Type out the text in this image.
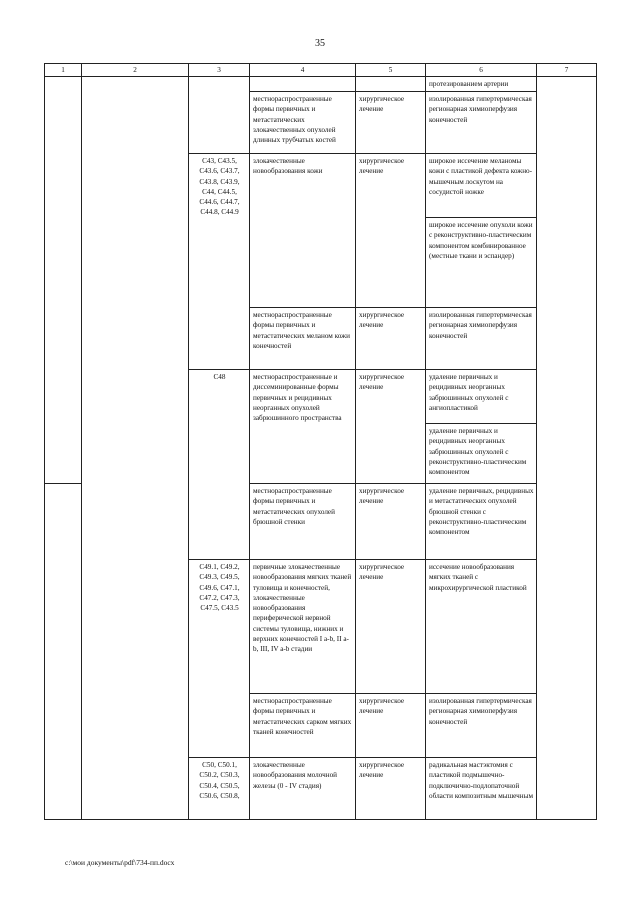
35
1	2	3	4	5	6	7
					протезированием артерии	
			местнораспространенные формы первичных и метастатических злокачественных опухолей длинных трубчатых костей	хирургическое лечение	изолированная гипертермическая регионарная химиоперфузия конечностей	
		C43, C43.5, C43.6, C43.7, C43.8, C43.9, C44, C44.5, C44.6, C44.7, C44.8, C44.9	злокачественные новообразования кожи	хирургическое лечение	широкое иссечение меланомы кожи с пластикой дефекта кожно-мышечным лоскутом на сосудистой ножке	
					широкое иссечение опухоли кожи с реконструктивно-пластическим компонентом комбинированное (местные ткани и эспандер)	
			местнораспространенные формы первичных и метастатических меланом кожи конечностей	хирургическое лечение	изолированная гипертермическая регионарная химиоперфузия конечностей	
		C48	местнораспространенные и диссеминированные формы первичных и рецидивных неорганных опухолей забрюшинного пространства	хирургическое лечение	удаление первичных и рецидивных неорганных забрюшинных опухолей с ангиопластикой	
					удаление первичных и рецидивных неорганных забрюшинных опухолей с реконструктивно-пластическим компонентом	
			местнораспространенные формы первичных и метастатических опухолей брюшной стенки	хирургическое лечение	удаление первичных, рецидивных и метастатических опухолей брюшной стенки с реконструктивно-пластическим компонентом	
		C49.1, C49.2, C49.3, C49.5, C49.6, C47.1, C47.2, C47.3, C47.5, C43.5	первичные злокачественные новообразования мягких тканей туловища и конечностей, злокачественные новообразования периферической нервной системы туловища, нижних и верхних конечностей I a-b, II a-b, III, IV a-b стадии	хирургическое лечение	иссечение новообразования мягких тканей с микрохирургической пластикой	
			местнораспространенные формы первичных и метастатических сарком мягких тканей конечностей	хирургическое лечение	изолированная гипертермическая регионарная химиоперфузия конечностей	
		C50, C50.1, C50.2, C50.3, C50.4, C50.5, C50.6, C50.8,	злокачественные новообразования молочной железы (0 - IV стадия)	хирургическое лечение	радикальная мастэктомия с пластикой подмышечно-подключично-подлопаточной области композитным мышечным	
c:\мои документы\pdf\734-пп.docx
